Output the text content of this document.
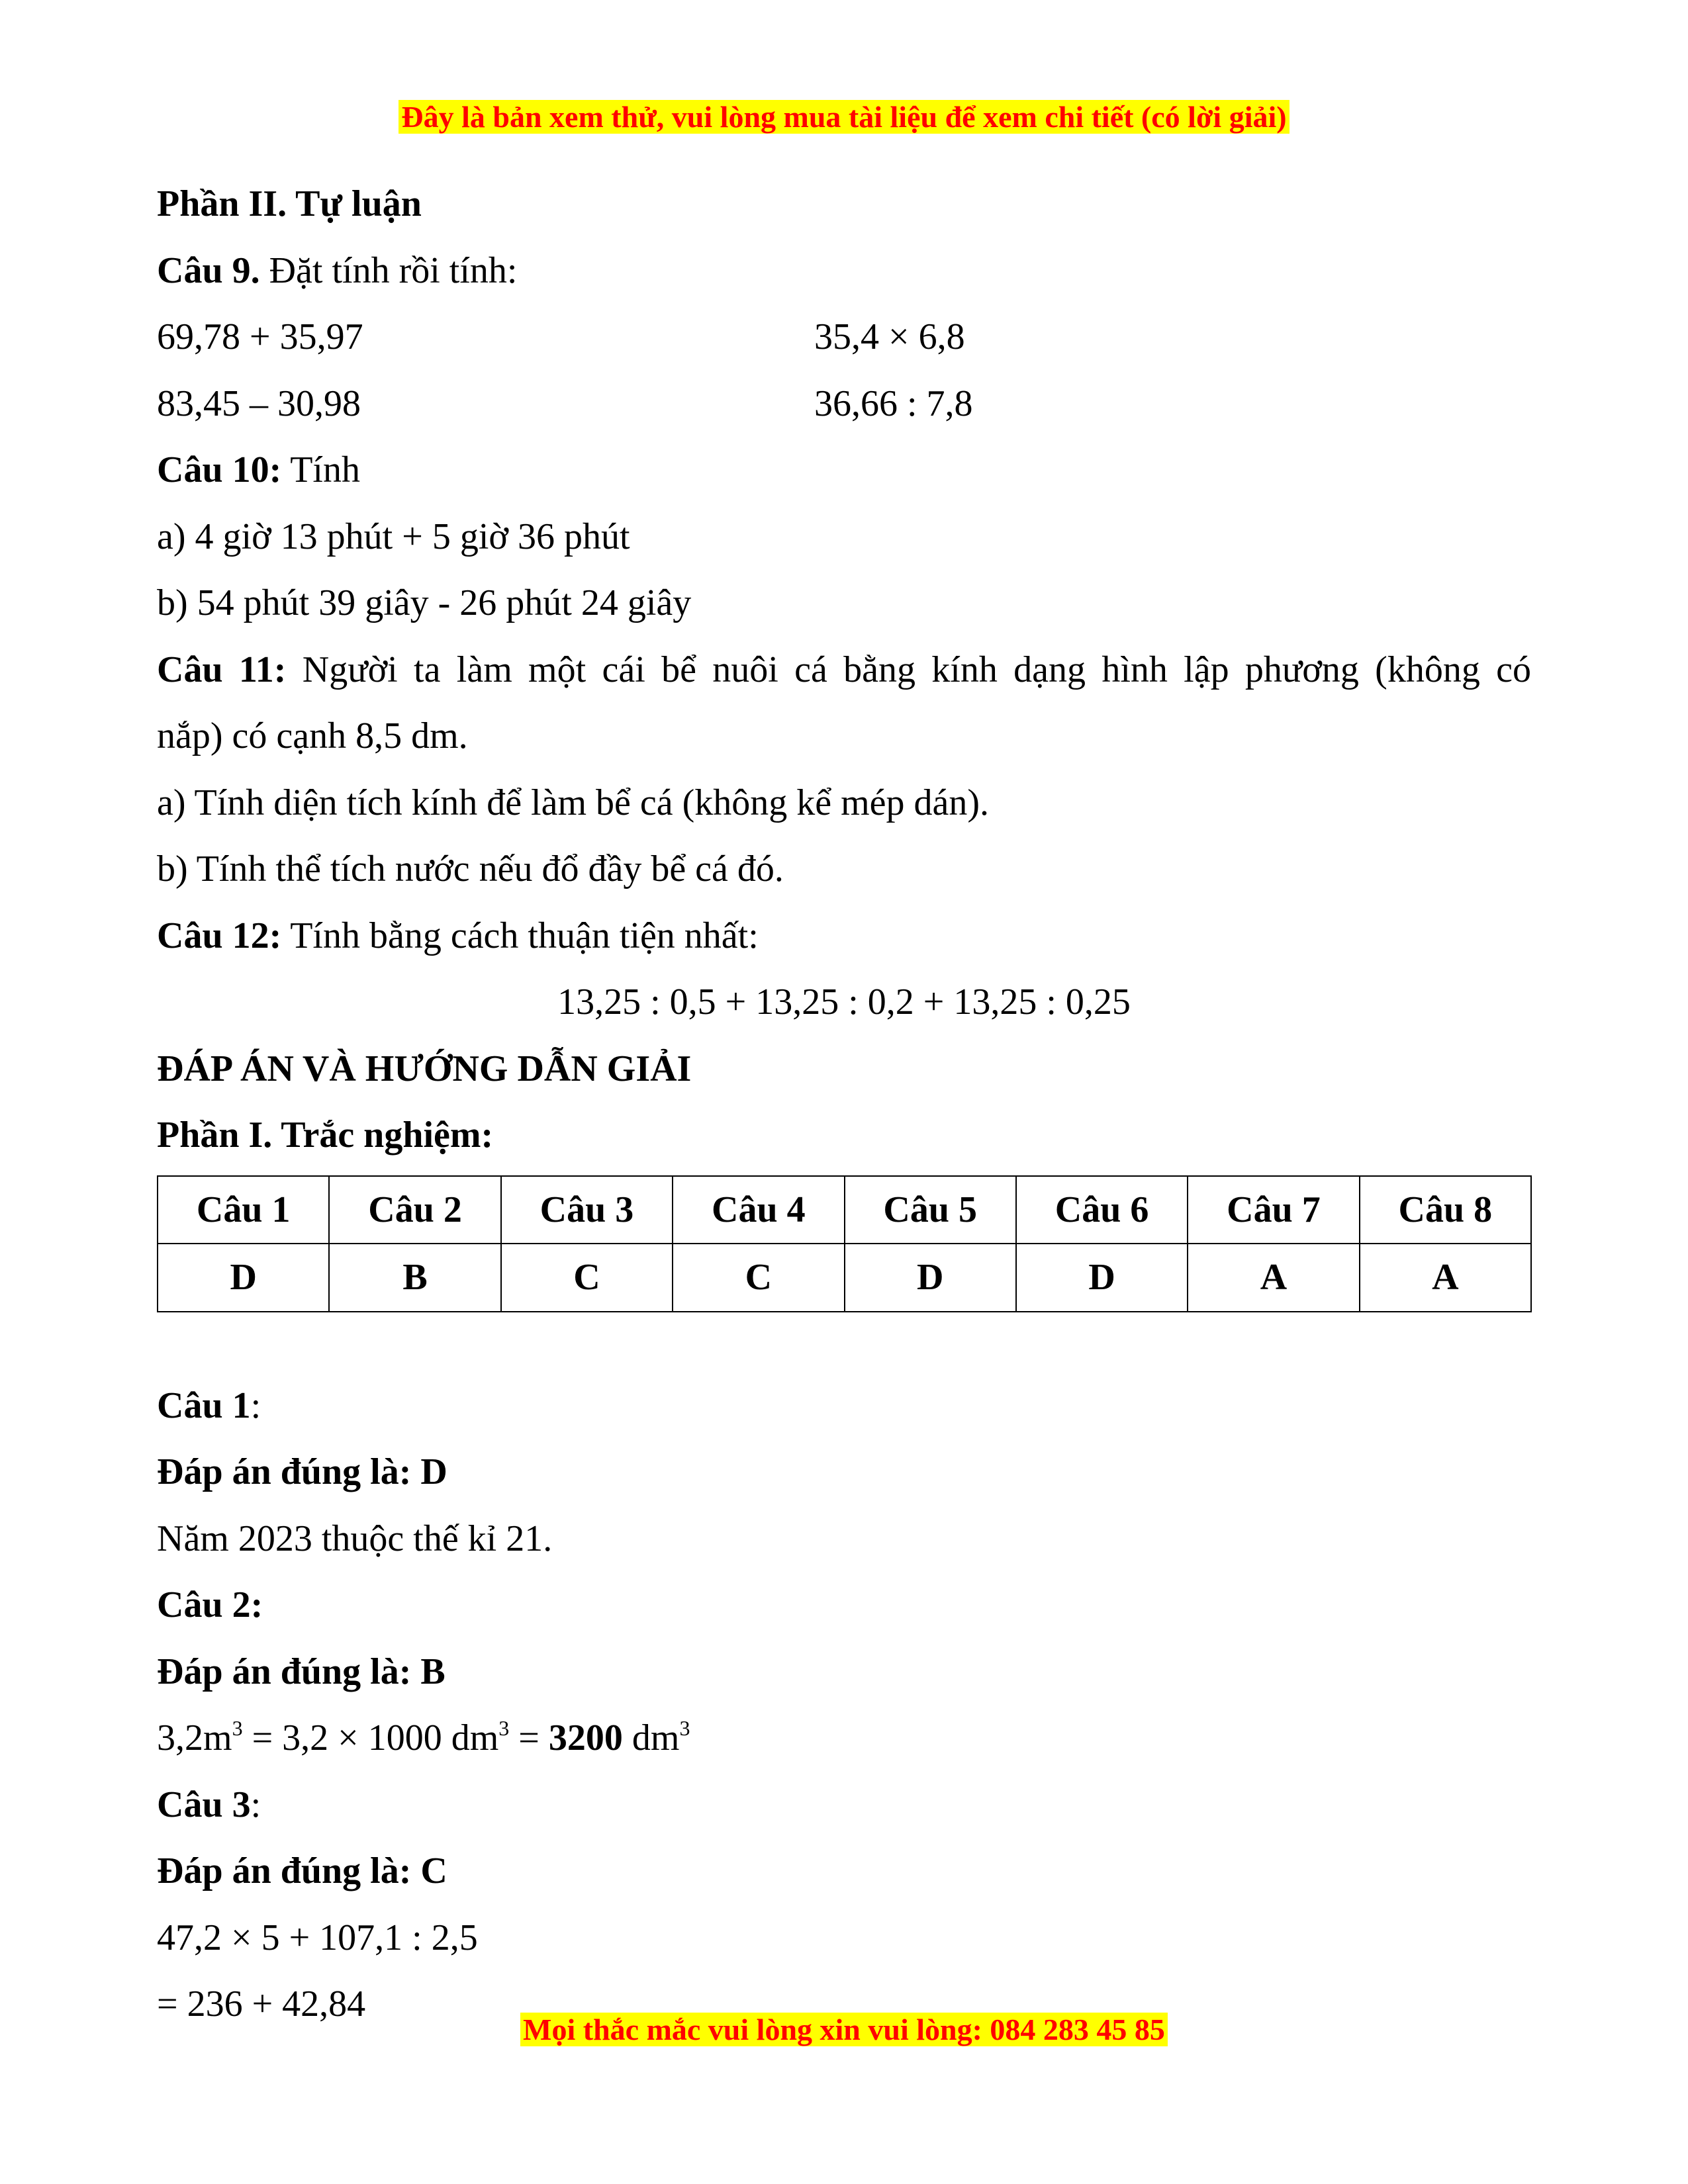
Đây là bản xem thử, vui lòng mua tài liệu để xem chi tiết (có lời giải)
Phần II. Tự luận
Câu 9. Đặt tính rồi tính:
69,78 + 35,97	35,4 × 6,8
83,45 – 30,98	36,66 : 7,8
Câu 10: Tính
a) 4 giờ 13 phút + 5 giờ 36 phút
b) 54 phút 39 giây - 26 phút 24 giây
Câu 11: Người ta làm một cái bể nuôi cá bằng kính dạng hình lập phương (không có
nắp) có cạnh 8,5 dm.
a) Tính diện tích kính để làm bể cá (không kể mép dán).
b) Tính thể tích nước nếu đổ đầy bể cá đó.
Câu 12: Tính bằng cách thuận tiện nhất:
13,25 : 0,5 + 13,25 : 0,2 + 13,25 : 0,25
ĐÁP ÁN VÀ HƯỚNG DẪN GIẢI
Phần I. Trắc nghiệm:
Câu 1	Câu 2	Câu 3	Câu 4	Câu 5	Câu 6	Câu 7	Câu 8
D	B	C	C	D	D	A	A
Câu 1:
Đáp án đúng là: D
Năm 2023 thuộc thế kỉ 21.
Câu 2:
Đáp án đúng là: B
$3,2m^3 = 3,2 \times 1000$ $dm^3 = 3200$ $dm^3$
Câu 3:
Đáp án đúng là: C
47,2 × 5 + 107,1 : 2,5
= 236 + 42,84
Mọi thắc mắc vui lòng xin vui lòng: 084 283 45 85
